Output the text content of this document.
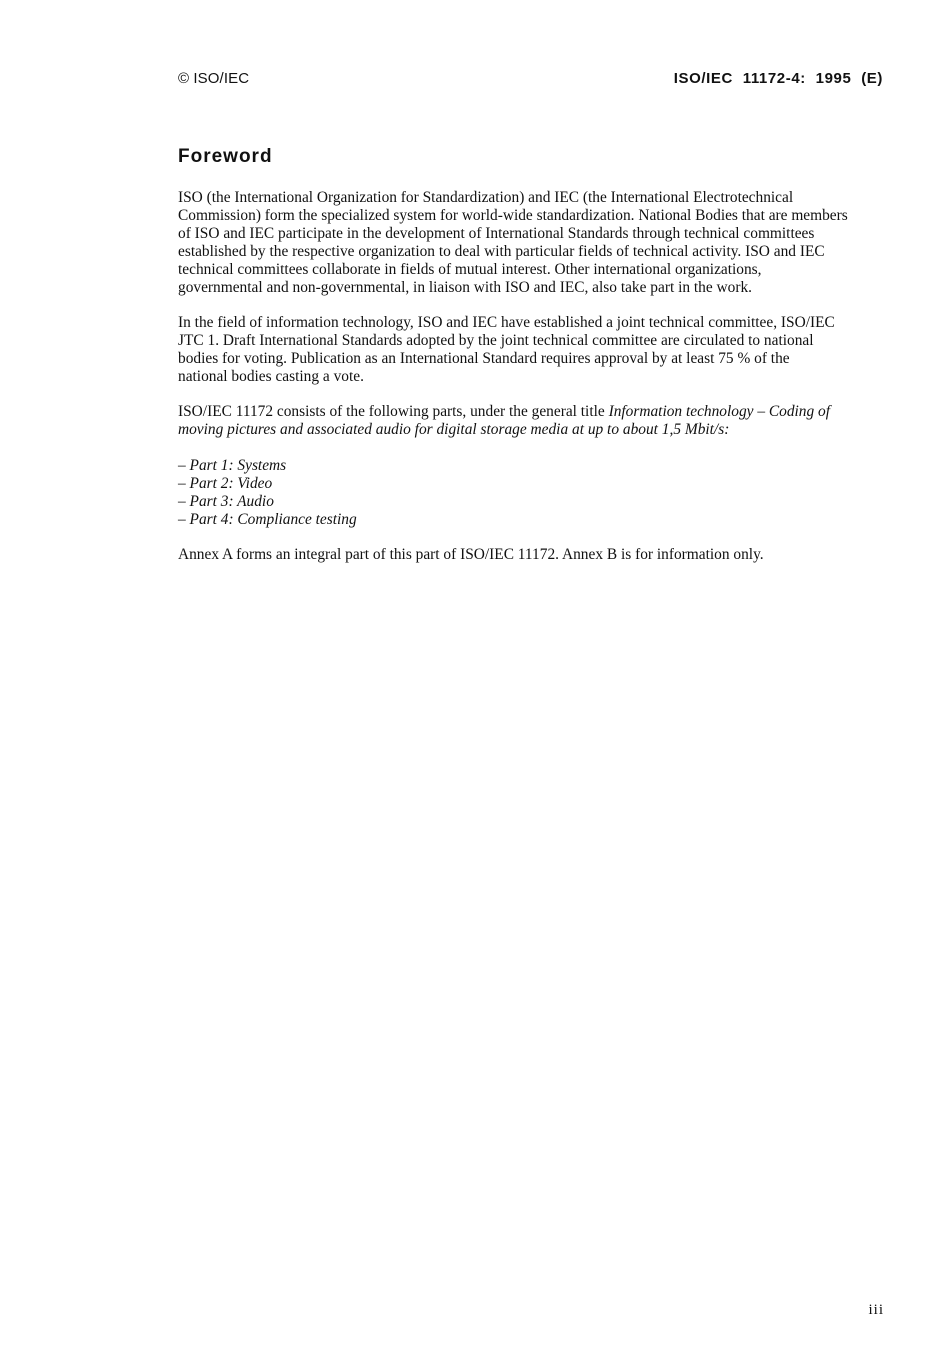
© ISO/IEC	ISO/IEC 11172-4: 1995 (E)
Foreword
ISO (the International Organization for Standardization) and IEC (the International Electrotechnical
Commission) form the specialized system for world-wide standardization. National Bodies that are members
of ISO and IEC participate in the development of International Standards through technical committees
established by the respective organization to deal with particular fields of technical activity. ISO and IEC
technical committees collaborate in fields of mutual interest. Other international organizations,
governmental and non-governmental, in liaison with ISO and IEC, also take part in the work.
In the field of information technology, ISO and IEC have established a joint technical committee, ISO/IEC
JTC 1. Draft International Standards adopted by the joint technical committee are circulated to national
bodies for voting. Publication as an International Standard requires approval by at least 75 % of the
national bodies casting a vote.
ISO/IEC 11172 consists of the following parts, under the general title Information technology – Coding of
moving pictures and associated audio for digital storage media at up to about 1,5 Mbit/s:
– Part 1: Systems
– Part 2: Video
– Part 3: Audio
– Part 4: Compliance testing
Annex A forms an integral part of this part of ISO/IEC 11172. Annex B is for information only.
iii
